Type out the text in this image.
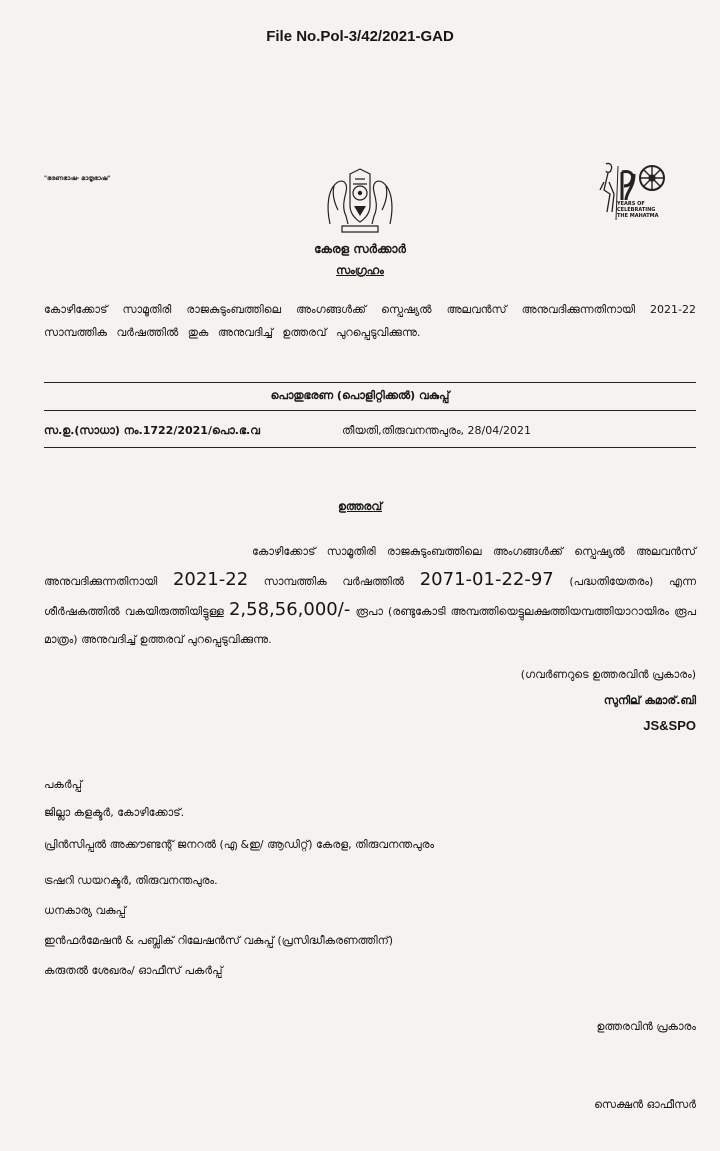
File No.Pol-3/42/2021-GAD
"ഭരണഭാഷ- മാതൃഭാഷ"
YEARS OF
CELEBRATING
THE MAHATMA
കേരള സർക്കാർ
സംഗ്രഹം
കോഴിക്കോട് സാമൂതിരി രാജകുടുംബത്തിലെ അംഗങ്ങൾക്ക് സ്പെഷ്യൽ അലവൻസ് അനുവദിക്കുന്നതിനായി 2021-22 സാമ്പത്തിക വർഷത്തിൽ തുക അനുവദിച്ച് ഉത്തരവ് പുറപ്പെടുവിക്കുന്നു.
പൊതുഭരണ (പൊളിറ്റിക്കൽ) വകുപ്പ്
സ.ഉ.(സാധാ) നം.1722/2021/പൊ.ഭ.വ	തീയതി,തിരുവനന്തപുരം, 28/04/2021
ഉത്തരവ്
കോഴിക്കോട് സാമൂതിരി രാജകുടുംബത്തിലെ അംഗങ്ങൾക്ക് സ്പെഷ്യൽ അലവൻസ് അനുവദിക്കുന്നതിനായി 2021-22 സാമ്പത്തിക വർഷത്തിൽ 2071-01-22-97 (പദ്ധതിയേതരം) എന്ന ശീർഷകത്തിൽ വകയിരുത്തിയിട്ടുള്ള 2,58,56,000/- രൂപാ (രണ്ടുകോടി അമ്പത്തിയെട്ടുലക്ഷത്തിയമ്പത്തിയാറായിരം രൂപ മാത്രം) അനുവദിച്ച് ഉത്തരവ് പുറപ്പെടുവിക്കുന്നു.
(ഗവർണറുടെ ഉത്തരവിൻ പ്രകാരം)
സുനില് കമാര്.ബി
JS&SPO
പകർപ്പ്
ജില്ലാ കളക്ടർ, കോഴിക്കോട്.
പ്രിൻസിപ്പൽ അക്കൗണ്ടന്റ് ജനറൽ (എ &ഇ/ ആഡിറ്റ്) കേരള, തിരുവനന്തപുരം
ട്രഷറി ഡയറക്ടർ, തിരുവനന്തപുരം.
ധനകാര്യ വകുപ്പ്
ഇൻഫർമേഷൻ & പബ്ലിക് റിലേഷൻസ് വകുപ്പ് (പ്രസിദ്ധീകരണത്തിന്)
കരുതൽ ശേഖരം/ ഓഫീസ് പകർപ്പ്
ഉത്തരവിൻ പ്രകാരം
സെക്ഷൻ ഓഫീസർ
